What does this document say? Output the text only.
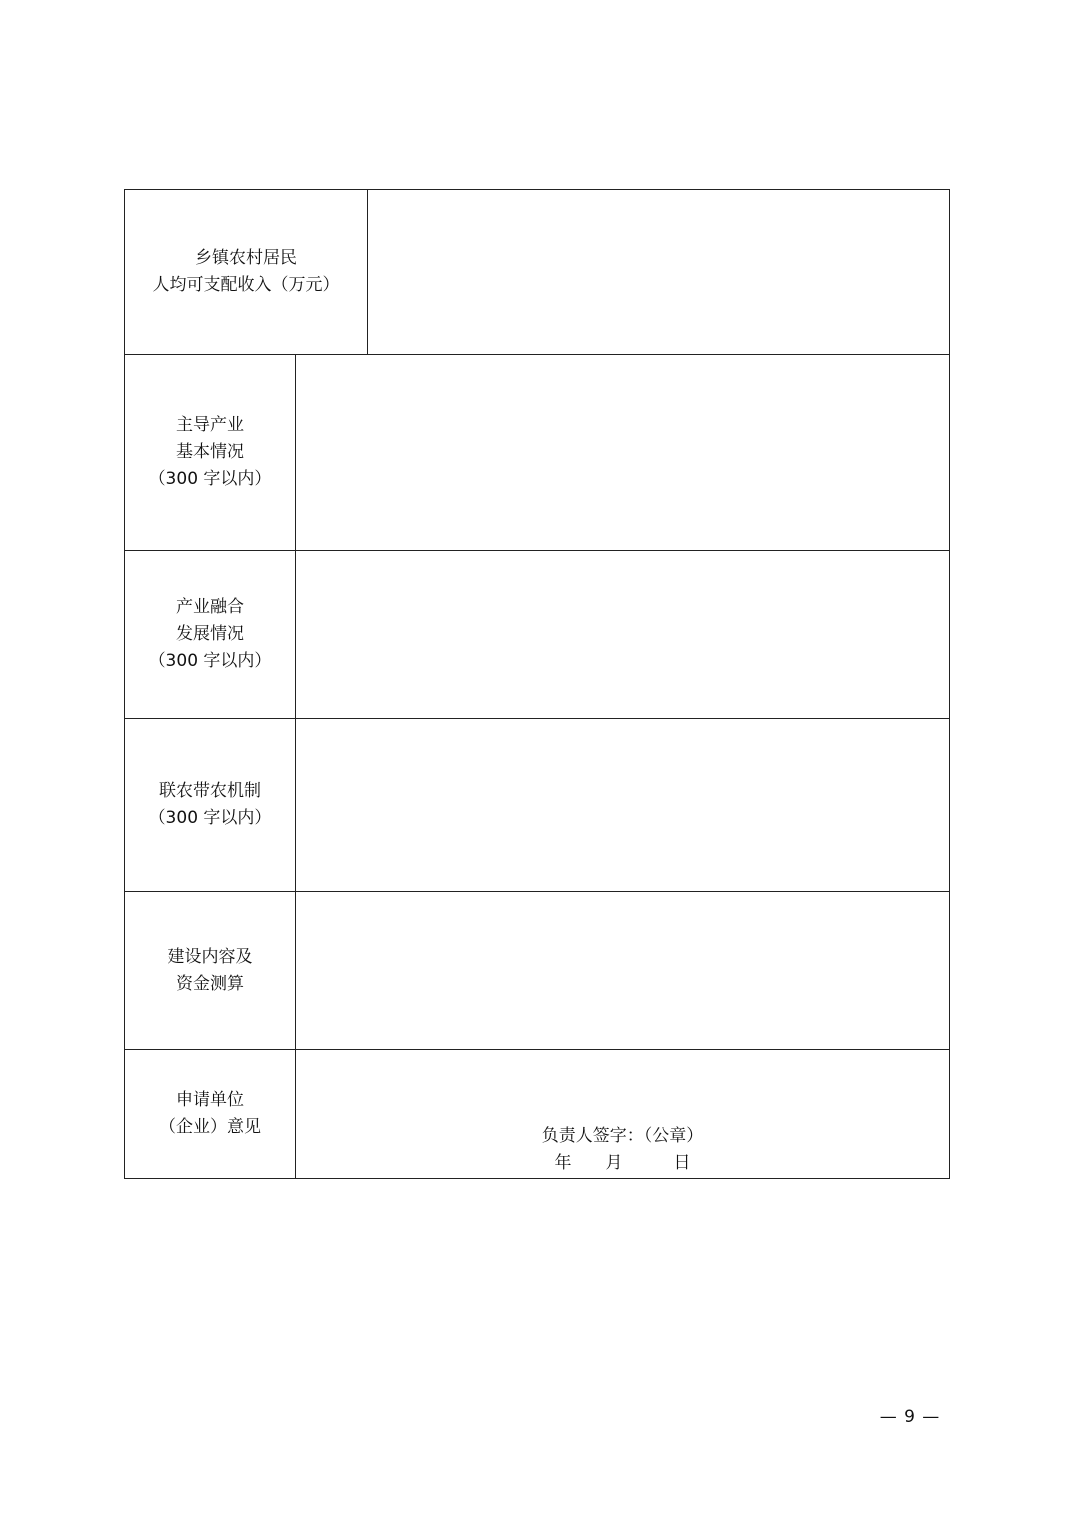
乡镇农村居民
人均可支配收入（万元）
主导产业
基本情况
（300 字以内）
产业融合
发展情况
（300 字以内）
联农带农机制
（300 字以内）
建设内容及
资金测算
申请单位
（企业）意见	负责人签字：（公章）
年　　月　　　日
— 9 —
